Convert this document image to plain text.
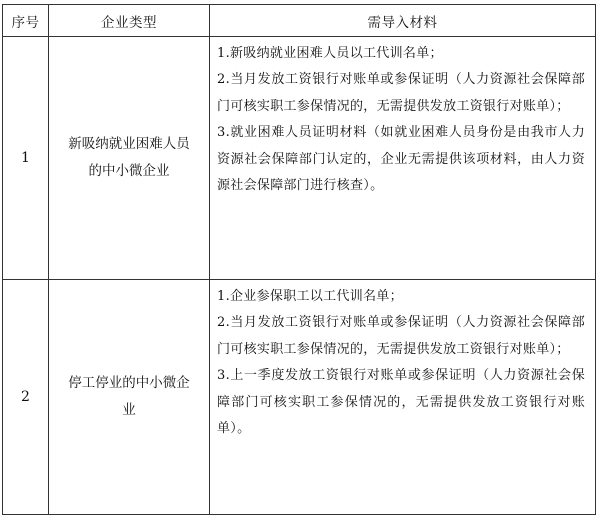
序号	企业类型	需导入材料
1	新吸纳就业困难人员的中小微企业	1.新吸纳就业困难人员以工代训名单；
2.当月发放工资银行对账单或参保证明（人力资源社会保障部门可核实职工参保情况的，无需提供发放工资银行对账单）；
3.就业困难人员证明材料（如就业困难人员身份是由我市人力资源社会保障部门认定的，企业无需提供该项材料，由人力资源社会保障部门进行核查）。

2	停工停业的中小微企业	1.企业参保职工以工代训名单；
2.当月发放工资银行对账单或参保证明（人力资源社会保障部门可核实职工参保情况的，无需提供发放工资银行对账单）；
3.上一季度发放工资银行对账单或参保证明（人力资源社会保障部门可核实职工参保情况的，无需提供发放工资银行对账单）。
